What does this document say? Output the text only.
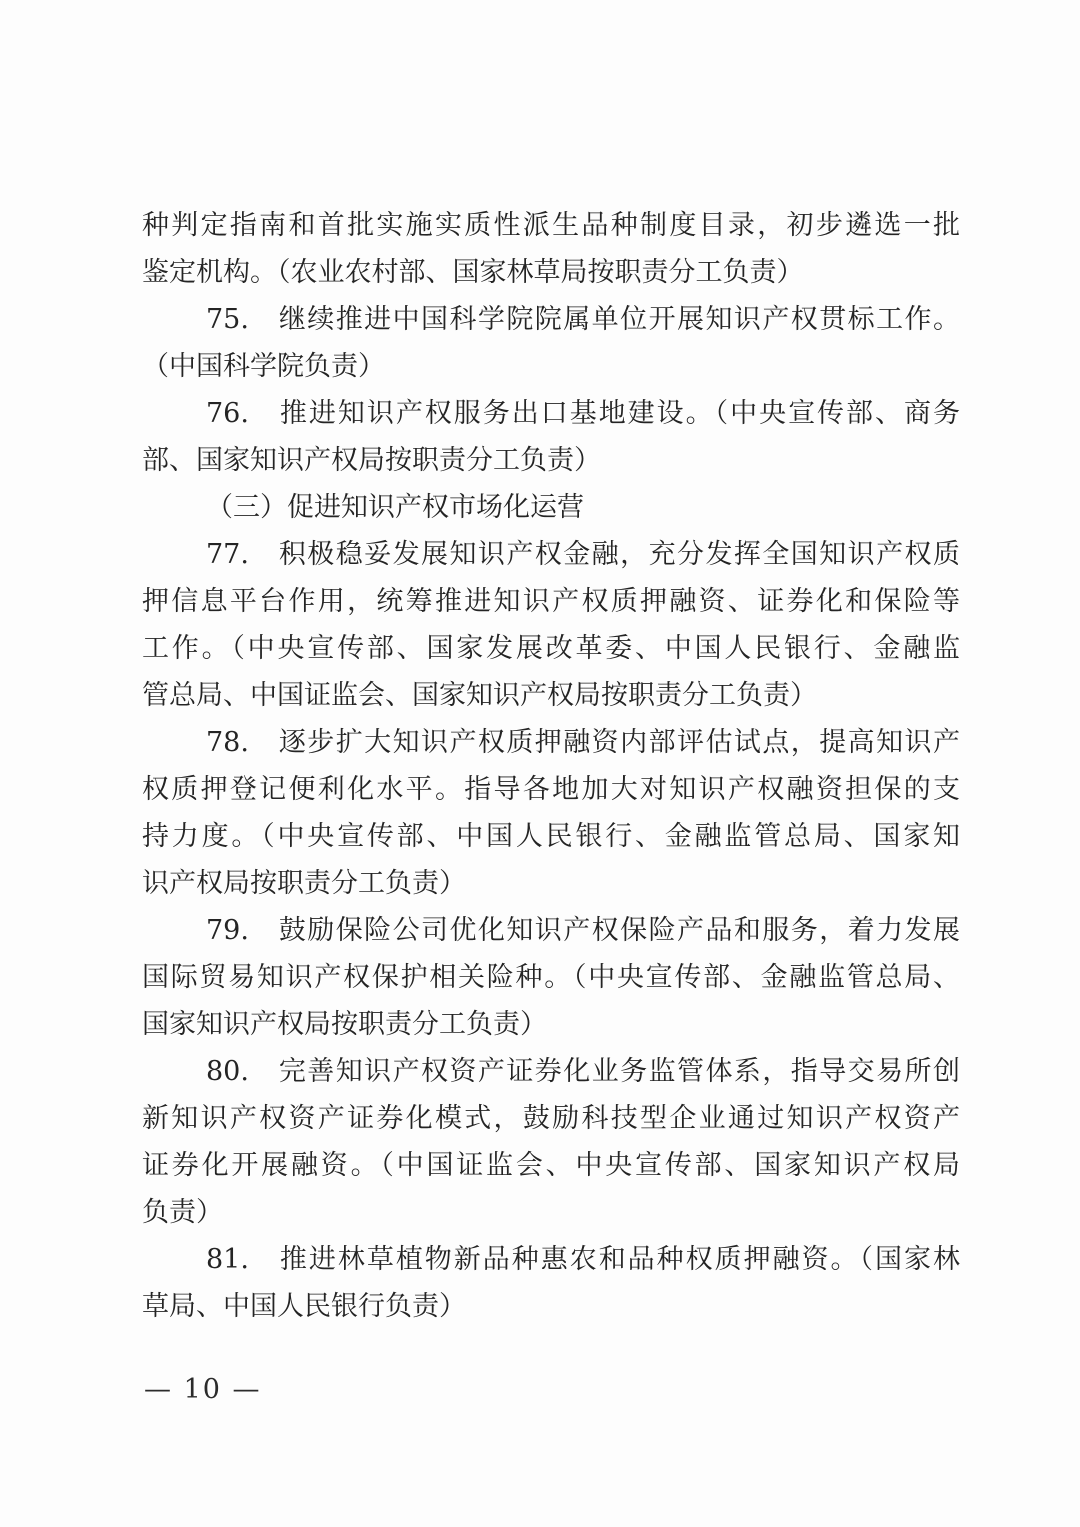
种判定指南和首批实施实质性派生品种制度目录，初步遴选一批

鉴定机构。（农业农村部、国家林草局按职责分工负责）

75.　继续推进中国科学院院属单位开展知识产权贯标工作。

（中国科学院负责）

76.　推进知识产权服务出口基地建设。（中央宣传部、商务

部、国家知识产权局按职责分工负责）

（三）促进知识产权市场化运营

77.　积极稳妥发展知识产权金融，充分发挥全国知识产权质

押信息平台作用，统筹推进知识产权质押融资、证券化和保险等

工作。（中央宣传部、国家发展改革委、中国人民银行、金融监

管总局、中国证监会、国家知识产权局按职责分工负责）

78.　逐步扩大知识产权质押融资内部评估试点，提高知识产

权质押登记便利化水平。指导各地加大对知识产权融资担保的支

持力度。（中央宣传部、中国人民银行、金融监管总局、国家知

识产权局按职责分工负责）

79.　鼓励保险公司优化知识产权保险产品和服务，着力发展

国际贸易知识产权保护相关险种。（中央宣传部、金融监管总局、

国家知识产权局按职责分工负责）

80.　完善知识产权资产证券化业务监管体系，指导交易所创

新知识产权资产证券化模式，鼓励科技型企业通过知识产权资产

证券化开展融资。（中国证监会、中央宣传部、国家知识产权局

负责）

81.　推进林草植物新品种惠农和品种权质押融资。（国家林

草局、中国人民银行负责）

— 10 —
